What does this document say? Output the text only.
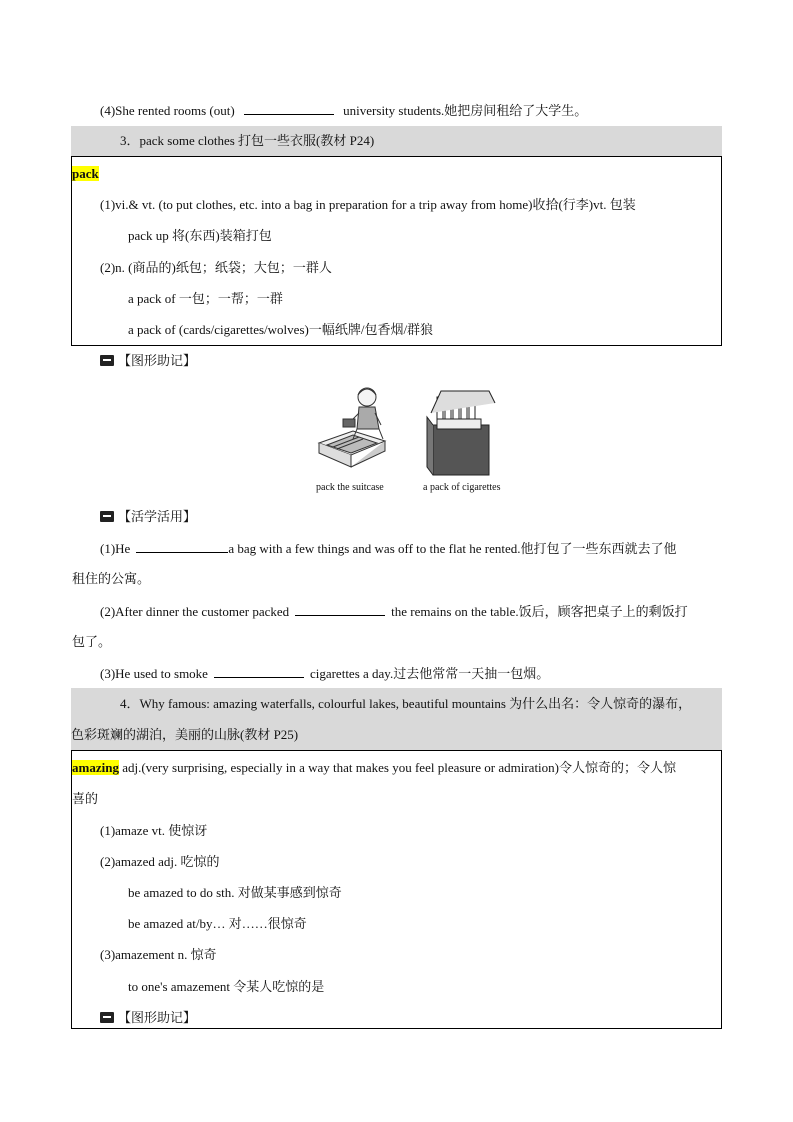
(4)She rented rooms (out)	university students.她把房间租给了大学生。
3．pack some clothes 打包一些衣服(教材 P24)
pack
(1)vi.& vt. (to put clothes, etc. into a bag in preparation for a trip away from home)收拾(行李)vt. 包装
pack up 将(东西)装箱打包
(2)n. (商品的)纸包；纸袋；大包；一群人
a pack of 一包；一帮；一群
a pack of (cards/cigarettes/wolves)一幅纸牌/包香烟/群狼
【图形助记】
pack the suitcase	a pack of cigarettes
【活学活用】
(1)He	a bag with a few things and was off to the flat he rented.他打包了一些东西就去了他
租住的公寓。
(2)After dinner the customer packed	the remains on the table.饭后，顾客把桌子上的剩饭打
包了。
(3)He used to smoke	cigarettes a day.过去他常常一天抽一包烟。
4．Why famous: amazing waterfalls, colourful lakes, beautiful mountains 为什么出名：令人惊奇的瀑布，
色彩斑斓的湖泊，美丽的山脉(教材 P25)
amazing adj.(very surprising, especially in a way that makes you feel pleasure or admiration)令人惊奇的；令人惊
喜的
(1)amaze vt. 使惊讶
(2)amazed adj. 吃惊的
be amazed to do sth. 对做某事感到惊奇
be amazed at/by… 对……很惊奇
(3)amazement n. 惊奇
to one's amazement 令某人吃惊的是
【图形助记】
